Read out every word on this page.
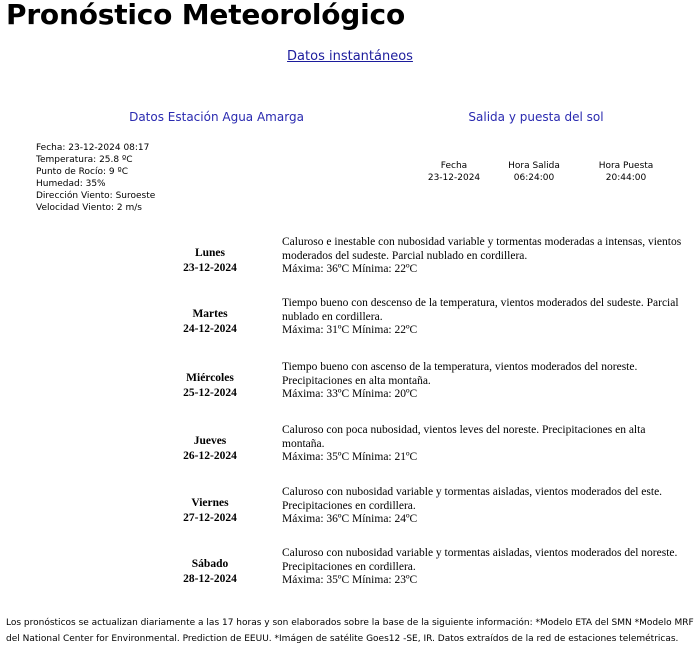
Pronóstico Meteorológico
Datos instantáneos
Datos Estación Agua Amarga	Salida y puesta del sol
Fecha: 23-12-2024 08:17
Temperatura: 25.8 ºC
Punto de Rocío: 9 ºC
Humedad: 35%
Dirección Viento: Suroeste
Velocidad Viento: 2 m/s
Fecha
23-12-2024
Hora Salida
06:24:00
Hora Puesta
20:44:00
Lunes
23-12-2024
Caluroso e inestable con nubosidad variable y tormentas moderadas a intensas, vientos moderados del sudeste. Parcial nublado en cordillera.
Máxima: 36ºC Mínima: 22ºC
Martes
24-12-2024
Tiempo bueno con descenso de la temperatura, vientos moderados del sudeste. Parcial nublado en cordillera.
Máxima: 31ºC Mínima: 22ºC
Miércoles
25-12-2024
Tiempo bueno con ascenso de la temperatura, vientos moderados del noreste. Precipitaciones en alta montaña.
Máxima: 33ºC Mínima: 20ºC
Jueves
26-12-2024
Caluroso con poca nubosidad, vientos leves del noreste. Precipitaciones en alta montaña.
Máxima: 35ºC Mínima: 21ºC
Viernes
27-12-2024
Caluroso con nubosidad variable y tormentas aisladas, vientos moderados del este. Precipitaciones en cordillera.
Máxima: 36ºC Mínima: 24ºC
Sábado
28-12-2024
Caluroso con nubosidad variable y tormentas aisladas, vientos moderados del noreste. Precipitaciones en cordillera.
Máxima: 35ºC Mínima: 23ºC
Los pronósticos se actualizan diariamente a las 17 horas y son elaborados sobre la base de la siguiente información: *Modelo ETA del SMN *Modelo MRF del National Center for Environmental. Prediction de EEUU. *Imágen de satélite Goes12 -SE, IR. Datos extraídos de la red de estaciones telemétricas.
